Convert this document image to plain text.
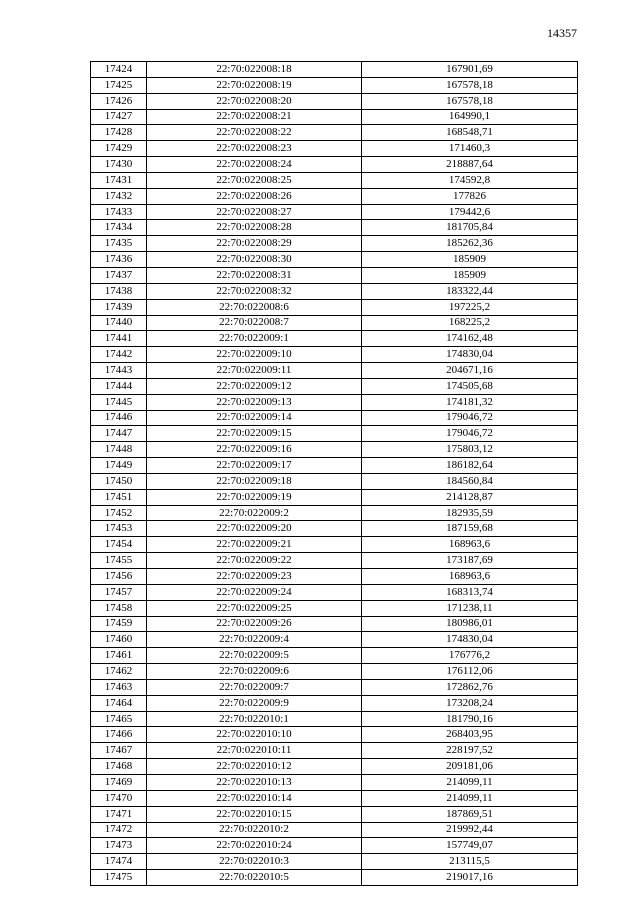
14357
17424	22:70:022008:18	167901,69
17425	22:70:022008:19	167578,18
17426	22:70:022008:20	167578,18
17427	22:70:022008:21	164990,1
17428	22:70:022008:22	168548,71
17429	22:70:022008:23	171460,3
17430	22:70:022008:24	218887,64
17431	22:70:022008:25	174592,8
17432	22:70:022008:26	177826
17433	22:70:022008:27	179442,6
17434	22:70:022008:28	181705,84
17435	22:70:022008:29	185262,36
17436	22:70:022008:30	185909
17437	22:70:022008:31	185909
17438	22:70:022008:32	183322,44
17439	22:70:022008:6	197225,2
17440	22:70:022008:7	168225,2
17441	22:70:022009:1	174162,48
17442	22:70:022009:10	174830,04
17443	22:70:022009:11	204671,16
17444	22:70:022009:12	174505,68
17445	22:70:022009:13	174181,32
17446	22:70:022009:14	179046,72
17447	22:70:022009:15	179046,72
17448	22:70:022009:16	175803,12
17449	22:70:022009:17	186182,64
17450	22:70:022009:18	184560,84
17451	22:70:022009:19	214128,87
17452	22:70:022009:2	182935,59
17453	22:70:022009:20	187159,68
17454	22:70:022009:21	168963,6
17455	22:70:022009:22	173187,69
17456	22:70:022009:23	168963,6
17457	22:70:022009:24	168313,74
17458	22:70:022009:25	171238,11
17459	22:70:022009:26	180986,01
17460	22:70:022009:4	174830,04
17461	22:70:022009:5	176776,2
17462	22:70:022009:6	176112,06
17463	22:70:022009:7	172862,76
17464	22:70:022009:9	173208,24
17465	22:70:022010:1	181790,16
17466	22:70:022010:10	268403,95
17467	22:70:022010:11	228197,52
17468	22:70:022010:12	209181,06
17469	22:70:022010:13	214099,11
17470	22:70:022010:14	214099,11
17471	22:70:022010:15	187869,51
17472	22:70:022010:2	219992,44
17473	22:70:022010:24	157749,07
17474	22:70:022010:3	213115,5
17475	22:70:022010:5	219017,16
